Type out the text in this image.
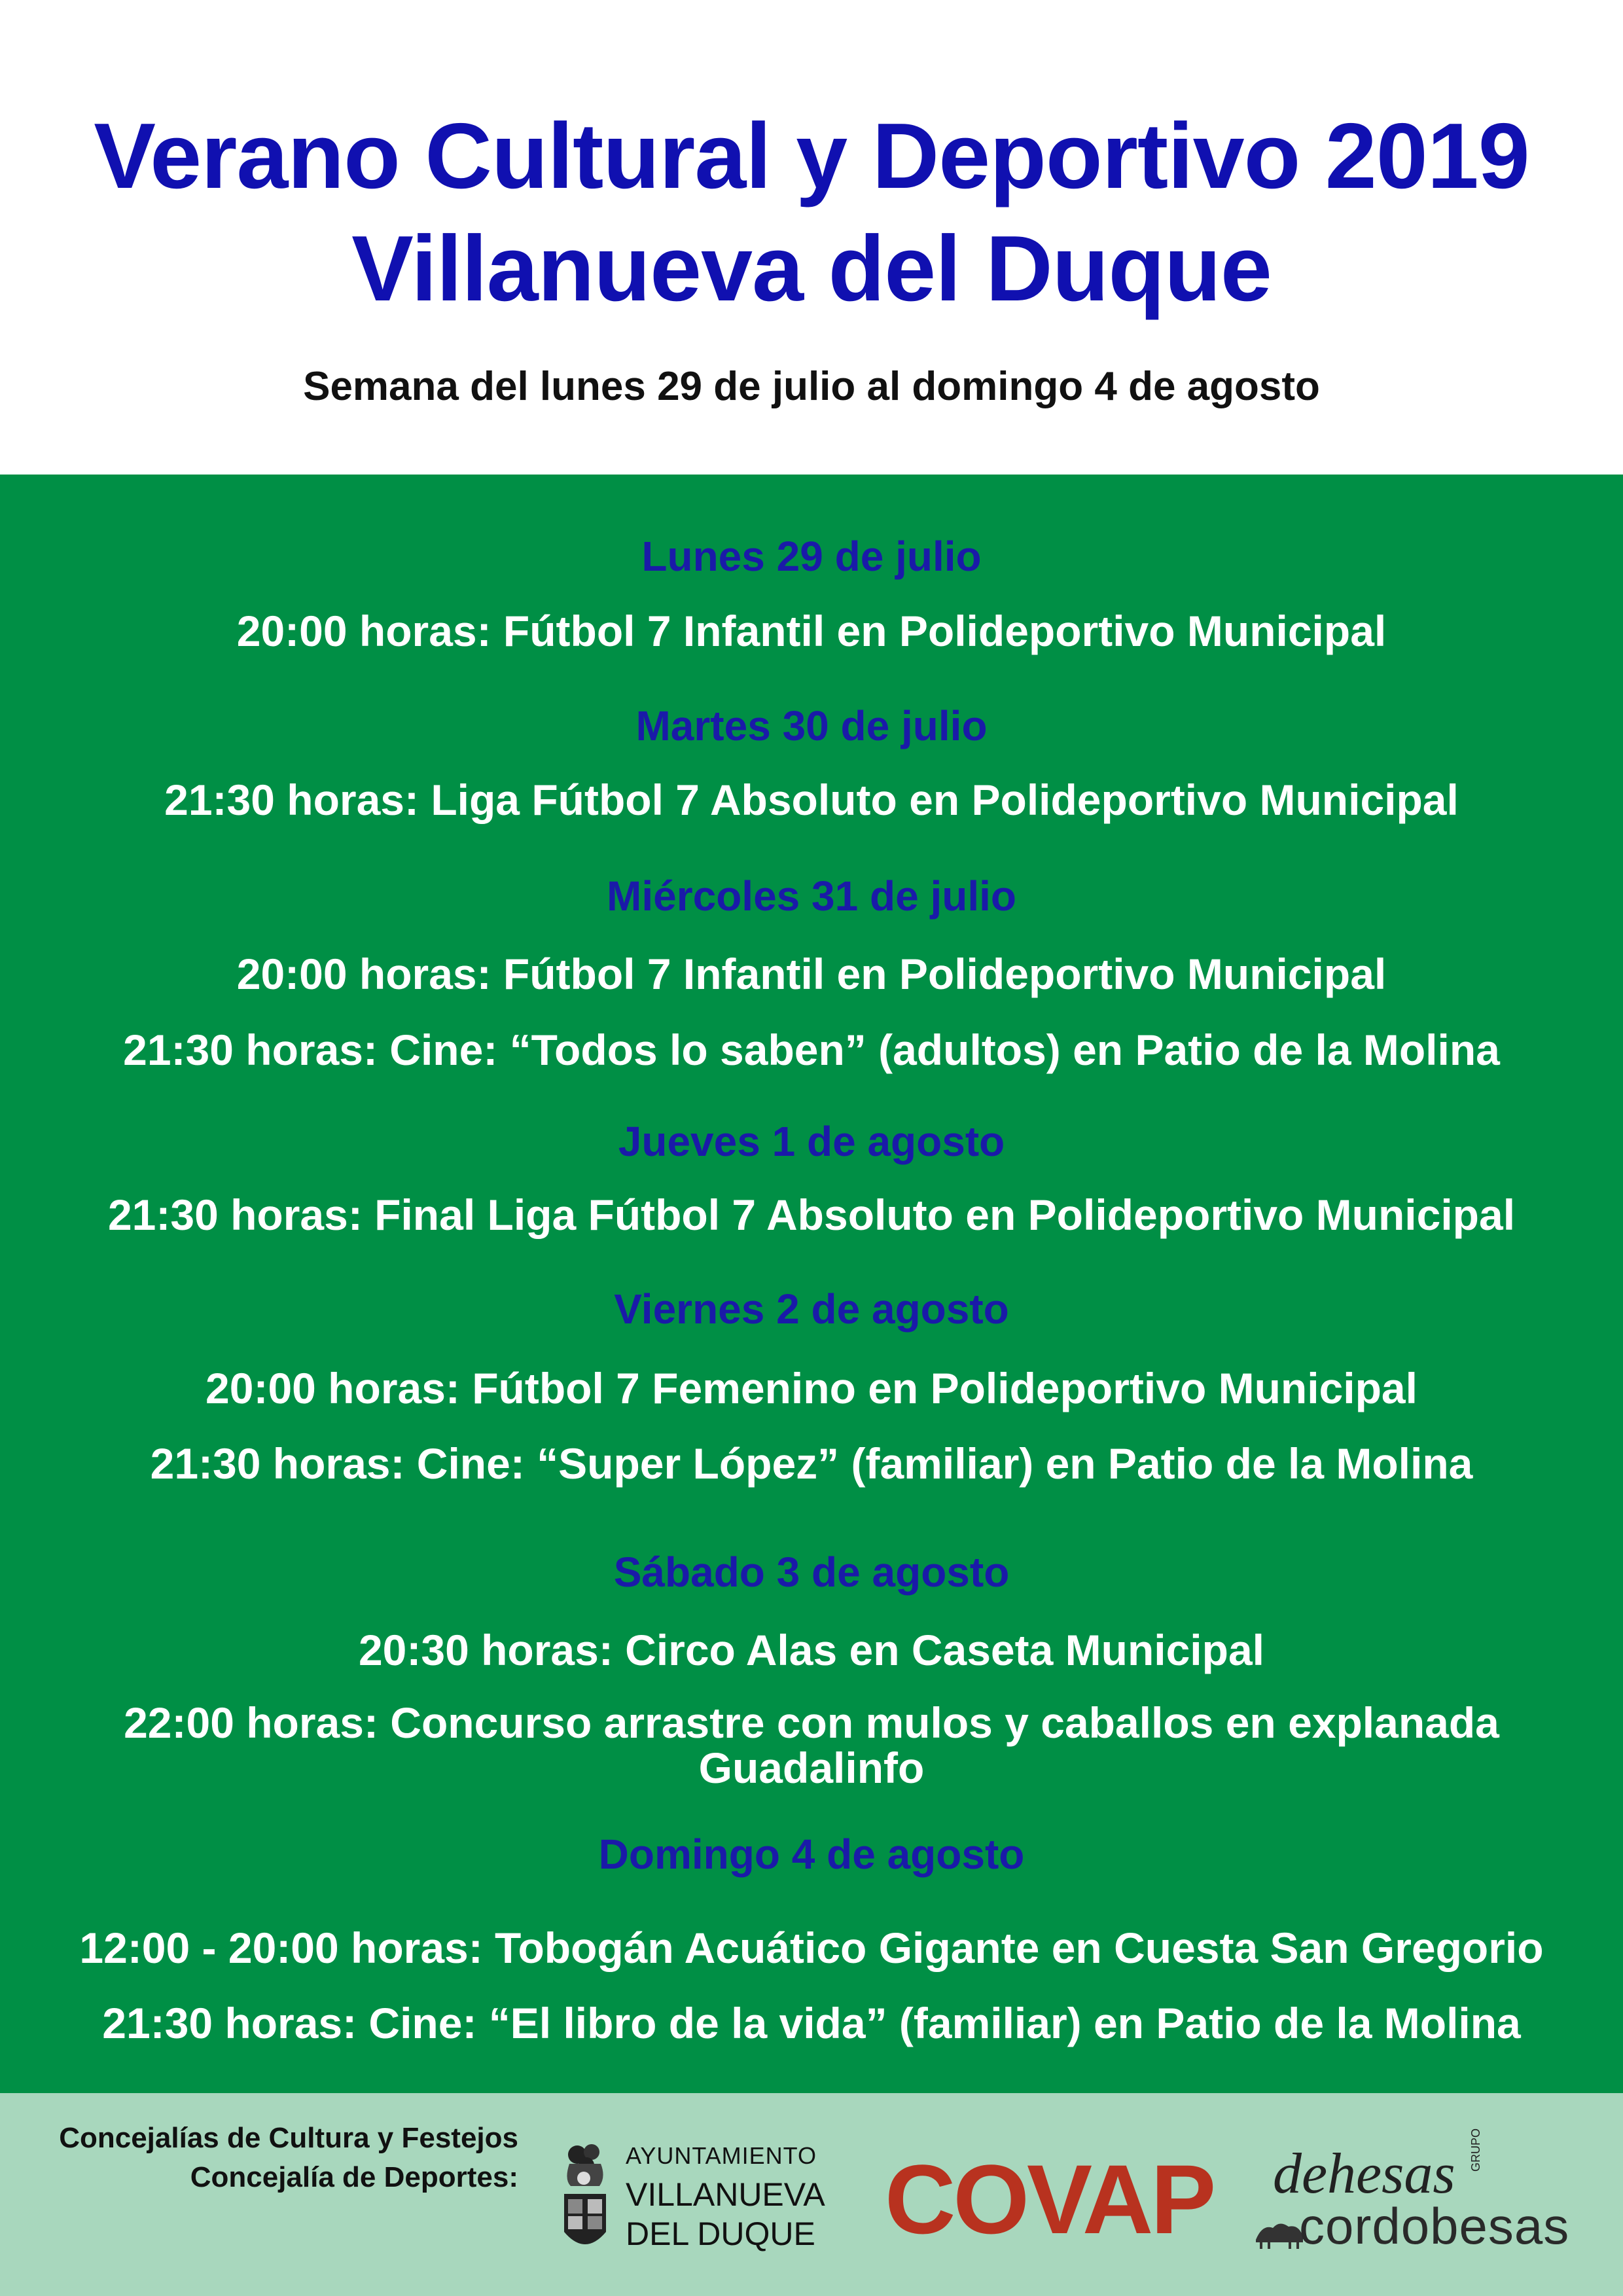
Verano Cultural y Deportivo 2019
Villanueva del Duque
Semana del lunes 29 de julio al domingo 4 de agosto
Lunes 29 de julio
20:00 horas: Fútbol 7 Infantil en Polideportivo Municipal
Martes 30 de julio
21:30 horas: Liga Fútbol 7 Absoluto en Polideportivo Municipal
Miércoles 31 de julio
20:00 horas: Fútbol 7 Infantil en Polideportivo Municipal
21:30 horas: Cine: “Todos lo saben” (adultos) en Patio de la Molina
Jueves 1 de agosto
21:30 horas: Final Liga Fútbol 7 Absoluto en Polideportivo Municipal
Viernes 2 de agosto
20:00 horas: Fútbol 7 Femenino en Polideportivo Municipal
21:30 horas: Cine: “Super López” (familiar) en Patio de la Molina
Sábado 3 de agosto
20:30 horas: Circo Alas en Caseta Municipal
22:00 horas: Concurso arrastre con mulos y caballos en explanada
Guadalinfo
Domingo 4 de agosto
12:00 - 20:00 horas: Tobogán Acuático Gigante en Cuesta San Gregorio
21:30 horas: Cine: “El libro de la vida” (familiar) en Patio de la Molina
Concejalías de Cultura y Festejos
Concejalía de Deportes:
AYUNTAMIENTO
VILLANUEVA
DEL DUQUE COVAP dehesas GRUPO
cordobesas
